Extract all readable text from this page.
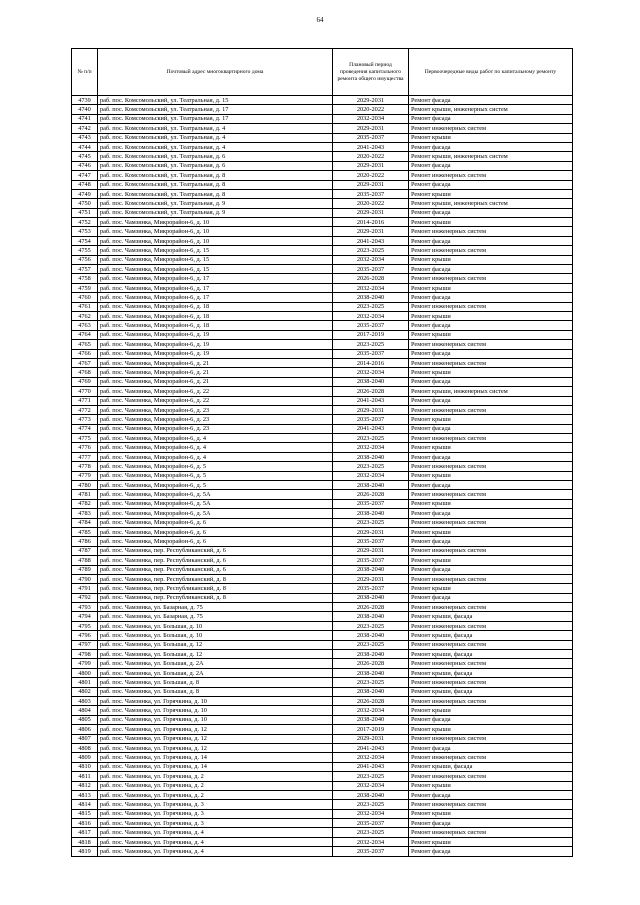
64
№ п/п	Почтовый адрес многоквартирного дома	Плановый период проведения капитального ремонта общего имущества	Первоочередные виды работ по капитальному ремонту
4739	раб. пос. Комсомольский, ул. Театральная, д. 15	2029-2031	Ремонт фасада
4740	раб. пос. Комсомольский, ул. Театральная, д. 17	2020-2022	Ремонт крыши, инженерных систем
4741	раб. пос. Комсомольский, ул. Театральная, д. 17	2032-2034	Ремонт фасада
4742	раб. пос. Комсомольский, ул. Театральная, д. 4	2029-2031	Ремонт инженерных систем
4743	раб. пос. Комсомольский, ул. Театральная, д. 4	2035-2037	Ремонт крыши
4744	раб. пос. Комсомольский, ул. Театральная, д. 4	2041-2043	Ремонт фасада
4745	раб. пос. Комсомольский, ул. Театральная, д. 6	2020-2022	Ремонт крыши, инженерных систем
4746	раб. пос. Комсомольский, ул. Театральная, д. 6	2029-2031	Ремонт фасада
4747	раб. пос. Комсомольский, ул. Театральная, д. 8	2020-2022	Ремонт инженерных систем
4748	раб. пос. Комсомольский, ул. Театральная, д. 8	2029-2031	Ремонт фасада
4749	раб. пос. Комсомольский, ул. Театральная, д. 8	2035-2037	Ремонт крыши
4750	раб. пос. Комсомольский, ул. Театральная, д. 9	2020-2022	Ремонт крыши, инженерных систем
4751	раб. пос. Комсомольский, ул. Театральная, д. 9	2029-2031	Ремонт фасада
4752	раб. пос. Чамзинка, Микрорайон-6, д. 10	2014-2016	Ремонт крыши
4753	раб. пос. Чамзинка, Микрорайон-6, д. 10	2029-2031	Ремонт инженерных систем
4754	раб. пос. Чамзинка, Микрорайон-6, д. 10	2041-2043	Ремонт фасада
4755	раб. пос. Чамзинка, Микрорайон-6, д. 15	2023-2025	Ремонт инженерных систем
4756	раб. пос. Чамзинка, Микрорайон-6, д. 15	2032-2034	Ремонт крыши
4757	раб. пос. Чамзинка, Микрорайон-6, д. 15	2035-2037	Ремонт фасада
4758	раб. пос. Чамзинка, Микрорайон-6, д. 17	2026-2028	Ремонт инженерных систем
4759	раб. пос. Чамзинка, Микрорайон-6, д. 17	2032-2034	Ремонт крыши
4760	раб. пос. Чамзинка, Микрорайон-6, д. 17	2038-2040	Ремонт фасада
4761	раб. пос. Чамзинка, Микрорайон-6, д. 18	2023-2025	Ремонт инженерных систем
4762	раб. пос. Чамзинка, Микрорайон-6, д. 18	2032-2034	Ремонт крыши
4763	раб. пос. Чамзинка, Микрорайон-6, д. 18	2035-2037	Ремонт фасада
4764	раб. пос. Чамзинка, Микрорайон-6, д. 19	2017-2019	Ремонт крыши
4765	раб. пос. Чамзинка, Микрорайон-6, д. 19	2023-2025	Ремонт инженерных систем
4766	раб. пос. Чамзинка, Микрорайон-6, д. 19	2035-2037	Ремонт фасада
4767	раб. пос. Чамзинка, Микрорайон-6, д. 21	2014-2016	Ремонт инженерных систем
4768	раб. пос. Чамзинка, Микрорайон-6, д. 21	2032-2034	Ремонт крыши
4769	раб. пос. Чамзинка, Микрорайон-6, д. 21	2038-2040	Ремонт фасада
4770	раб. пос. Чамзинка, Микрорайон-6, д. 22	2026-2028	Ремонт крыши, инженерных систем
4771	раб. пос. Чамзинка, Микрорайон-6, д. 22	2041-2043	Ремонт фасада
4772	раб. пос. Чамзинка, Микрорайон-6, д. 23	2029-2031	Ремонт инженерных систем
4773	раб. пос. Чамзинка, Микрорайон-6, д. 23	2035-2037	Ремонт крыши
4774	раб. пос. Чамзинка, Микрорайон-6, д. 23	2041-2043	Ремонт фасада
4775	раб. пос. Чамзинка, Микрорайон-6, д. 4	2023-2025	Ремонт инженерных систем
4776	раб. пос. Чамзинка, Микрорайон-6, д. 4	2032-2034	Ремонт крыши
4777	раб. пос. Чамзинка, Микрорайон-6, д. 4	2038-2040	Ремонт фасада
4778	раб. пос. Чамзинка, Микрорайон-6, д. 5	2023-2025	Ремонт инженерных систем
4779	раб. пос. Чамзинка, Микрорайон-6, д. 5	2032-2034	Ремонт крыши
4780	раб. пос. Чамзинка, Микрорайон-6, д. 5	2038-2040	Ремонт фасада
4781	раб. пос. Чамзинка, Микрорайон-6, д. 5А	2026-2028	Ремонт инженерных систем
4782	раб. пос. Чамзинка, Микрорайон-6, д. 5А	2035-2037	Ремонт крыши
4783	раб. пос. Чамзинка, Микрорайон-6, д. 5А	2038-2040	Ремонт фасада
4784	раб. пос. Чамзинка, Микрорайон-6, д. 6	2023-2025	Ремонт инженерных систем
4785	раб. пос. Чамзинка, Микрорайон-6, д. 6	2029-2031	Ремонт крыши
4786	раб. пос. Чамзинка, Микрорайон-6, д. 6	2035-2037	Ремонт фасада
4787	раб. пос. Чамзинка, пер. Республиканский, д. 6	2029-2031	Ремонт инженерных систем
4788	раб. пос. Чамзинка, пер. Республиканский, д. 6	2035-2037	Ремонт крыши
4789	раб. пос. Чамзинка, пер. Республиканский, д. 6	2038-2040	Ремонт фасада
4790	раб. пос. Чамзинка, пер. Республиканский, д. 8	2029-2031	Ремонт инженерных систем
4791	раб. пос. Чамзинка, пер. Республиканский, д. 8	2035-2037	Ремонт крыши
4792	раб. пос. Чамзинка, пер. Республиканский, д. 8	2038-2040	Ремонт фасада
4793	раб. пос. Чамзинка, ул. Базарная, д. 75	2026-2028	Ремонт инженерных систем
4794	раб. пос. Чамзинка, ул. Базарная, д. 75	2038-2040	Ремонт крыши, фасада
4795	раб. пос. Чамзинка, ул. Большая, д. 10	2023-2025	Ремонт инженерных систем
4796	раб. пос. Чамзинка, ул. Большая, д. 10	2038-2040	Ремонт крыши, фасада
4797	раб. пос. Чамзинка, ул. Большая, д. 12	2023-2025	Ремонт инженерных систем
4798	раб. пос. Чамзинка, ул. Большая, д. 12	2038-2040	Ремонт крыши, фасада
4799	раб. пос. Чамзинка, ул. Большая, д. 2А	2026-2028	Ремонт инженерных систем
4800	раб. пос. Чамзинка, ул. Большая, д. 2А	2038-2040	Ремонт крыши, фасада
4801	раб. пос. Чамзинка, ул. Большая, д. 8	2023-2025	Ремонт инженерных систем
4802	раб. пос. Чамзинка, ул. Большая, д. 8	2038-2040	Ремонт крыши, фасада
4803	раб. пос. Чамзинка, ул. Горячкина, д. 10	2026-2028	Ремонт инженерных систем
4804	раб. пос. Чамзинка, ул. Горячкина, д. 10	2032-2034	Ремонт крыши
4805	раб. пос. Чамзинка, ул. Горячкина, д. 10	2038-2040	Ремонт фасада
4806	раб. пос. Чамзинка, ул. Горячкина, д. 12	2017-2019	Ремонт крыши
4807	раб. пос. Чамзинка, ул. Горячкина, д. 12	2029-2031	Ремонт инженерных систем
4808	раб. пос. Чамзинка, ул. Горячкина, д. 12	2041-2043	Ремонт фасада
4809	раб. пос. Чамзинка, ул. Горячкина, д. 14	2032-2034	Ремонт инженерных систем
4810	раб. пос. Чамзинка, ул. Горячкина, д. 14	2041-2043	Ремонт крыши, фасада
4811	раб. пос. Чамзинка, ул. Горячкина, д. 2	2023-2025	Ремонт инженерных систем
4812	раб. пос. Чамзинка, ул. Горячкина, д. 2	2032-2034	Ремонт крыши
4813	раб. пос. Чамзинка, ул. Горячкина, д. 2	2038-2040	Ремонт фасада
4814	раб. пос. Чамзинка, ул. Горячкина, д. 3	2023-2025	Ремонт инженерных систем
4815	раб. пос. Чамзинка, ул. Горячкина, д. 3	2032-2034	Ремонт крыши
4816	раб. пос. Чамзинка, ул. Горячкина, д. 3	2035-2037	Ремонт фасада
4817	раб. пос. Чамзинка, ул. Горячкина, д. 4	2023-2025	Ремонт инженерных систем
4818	раб. пос. Чамзинка, ул. Горячкина, д. 4	2032-2034	Ремонт крыши
4819	раб. пос. Чамзинка, ул. Горячкина, д. 4	2035-2037	Ремонт фасада
